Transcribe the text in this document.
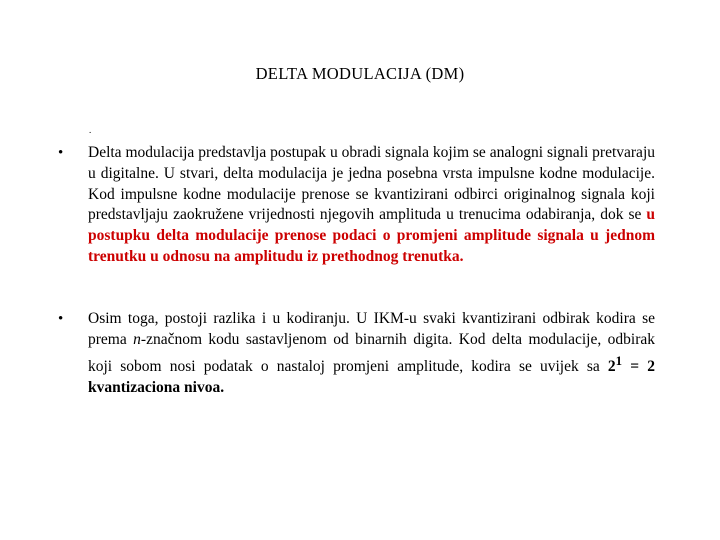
DELTA MODULACIJA (DM)
.
• Delta modulacija predstavlja postupak u obradi signala kojim se analogni signali pretvaraju u digitalne. U stvari, delta modulacija je jedna posebna vrsta impulsne kodne modulacije. Kod impulsne kodne modulacije prenose se kvantizirani odbirci originalnog signala koji predstavljaju zaokružene vrijednosti njegovih amplituda u trenucima odabiranja, dok se u postupku delta modulacije prenose podaci o promjeni amplitude signala u jednom trenutku u odnosu na amplitudu iz prethodnog trenutka.
• Osim toga, postoji razlika i u kodiranju. U IKM-u svaki kvantizirani odbirak kodira se prema n-značnom kodu sastavljenom od binarnih digita. Kod delta modulacije, odbirak koji sobom nosi podatak o nastaloj promjeni amplitude, kodira se uvijek sa $2^1 = 2$ kvantizaciona nivoa.
